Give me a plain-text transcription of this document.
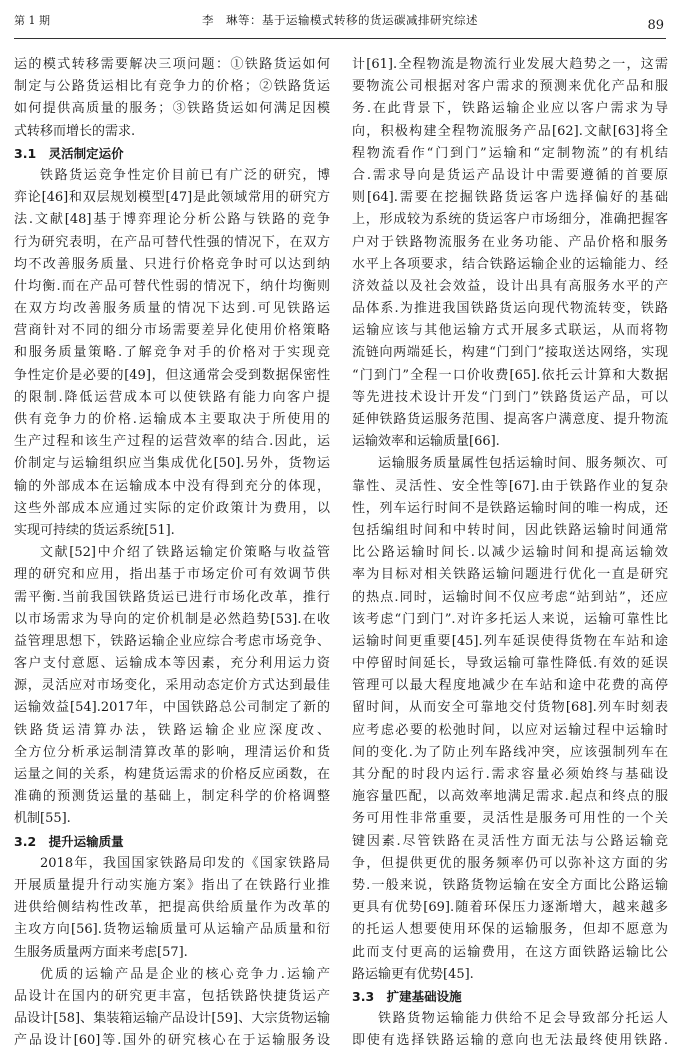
第 1 期	李　琳等：基于运输模式转移的货运碳减排研究综述	89
运的模式转移需要解决三项问题：①铁路货运如何
制定与公路货运相比有竞争力的价格；②铁路货运
如何提供高质量的服务；③铁路货运如何满足因模
式转移而增长的需求.
3.1　灵活制定运价
铁路货运竞争性定价目前已有广泛的研究，博
弈论[46]和双层规划模型[47]是此领域常用的研究方
法.文献[48]基于博弈理论分析公路与铁路的竞争
行为研究表明，在产品可替代性强的情况下，在双方
均不改善服务质量、只进行价格竞争时可以达到纳
什均衡.而在产品可替代性弱的情况下，纳什均衡则
在双方均改善服务质量的情况下达到.可见铁路运
营商针对不同的细分市场需要差异化使用价格策略
和服务质量策略.了解竞争对手的价格对于实现竞
争性定价是必要的[49]，但这通常会受到数据保密性
的限制.降低运营成本可以使铁路有能力向客户提
供有竞争力的价格.运输成本主要取决于所使用的
生产过程和该生产过程的运营效率的结合.因此，运
价制定与运输组织应当集成优化[50].另外，货物运
输的外部成本在运输成本中没有得到充分的体现，
这些外部成本应通过实际的定价政策计为费用，以
实现可持续的货运系统[51].
文献[52]中介绍了铁路运输定价策略与收益管
理的研究和应用，指出基于市场定价可有效调节供
需平衡.当前我国铁路货运已进行市场化改革，推行
以市场需求为导向的定价机制是必然趋势[53].在收
益管理思想下，铁路运输企业应综合考虑市场竞争、
客户支付意愿、运输成本等因素，充分利用运力资
源，灵活应对市场变化，采用动态定价方式达到最佳
运输效益[54].2017年，中国铁路总公司制定了新的
铁路货运清算办法，铁路运输企业应深度改、
全方位分析承运制清算改革的影响，理清运价和货
运量之间的关系，构建货运需求的价格反应函数，在
准确的预测货运量的基础上，制定科学的价格调整
机制[55].
3.2　提升运输质量
2018年，我国国家铁路局印发的《国家铁路局
开展质量提升行动实施方案》指出了在铁路行业推
进供给侧结构性改革，把提高供给质量作为改革的
主攻方向[56].货物运输质量可从运输产品质量和衍
生服务质量两方面来考虑[57].
优质的运输产品是企业的核心竞争力.运输产
品设计在国内的研究更丰富，包括铁路快捷货运产
品设计[58]、集装箱运输产品设计[59]、大宗货物运输
产品设计[60]等.国外的研究核心在于运输服务设
计[61].全程物流是物流行业发展大趋势之一，这需
要物流公司根据对客户需求的预测来优化产品和服
务.在此背景下，铁路运输企业应以客户需求为导
向，积极构建全程物流服务产品[62].文献[63]将全
程物流看作“门到门”运输和“定制物流”的有机结
合.需求导向是货运产品设计中需要遵循的首要原
则[64].需要在挖掘铁路货运客户选择偏好的基础
上，形成较为系统的货运客户市场细分，准确把握客
户对于铁路物流服务在业务功能、产品价格和服务
水平上各项要求，结合铁路运输企业的运输能力、经
济效益以及社会效益，设计出具有高服务水平的产
品体系.为推进我国铁路货运向现代物流转变，铁路
运输应该与其他运输方式开展多式联运，从而将物
流链向两端延长，构建“门到门”接取送达网络，实现
“门到门”全程一口价收费[65].依托云计算和大数据
等先进技术设计开发“门到门”铁路货运产品，可以
延伸铁路货运服务范围、提高客户满意度、提升物流
运输效率和运输质量[66].
运输服务质量属性包括运输时间、服务频次、可
靠性、灵活性、安全性等[67].由于铁路作业的复杂
性，列车运行时间不是铁路运输时间的唯一构成，还
包括编组时间和中转时间，因此铁路运输时间通常
比公路运输时间长.以减少运输时间和提高运输效
率为目标对相关铁路运输问题进行优化一直是研究
的热点.同时，运输时间不仅应考虑“站到站”，还应
该考虑“门到门”.对许多托运人来说，运输可靠性比
运输时间更重要[45].列车延误使得货物在车站和途
中停留时间延长，导致运输可靠性降低.有效的延误
管理可以最大程度地减少在车站和途中花费的高停
留时间，从而安全可靠地交付货物[68].列车时刻表
应考虑必要的松弛时间，以应对运输过程中运输时
间的变化.为了防止列车路线冲突，应该强制列车在
其分配的时段内运行.需求容量必须始终与基础设
施容量匹配，以高效率地满足需求.起点和终点的服
务可用性非常重要，灵活性是服务可用性的一个关
键因素.尽管铁路在灵活性方面无法与公路运输竞
争，但提供更优的服务频率仍可以弥补这方面的劣
势.一般来说，铁路货物运输在安全方面比公路运输
更具有优势[69].随着环保压力逐渐增大，越来越多
的托运人想要使用环保的运输服务，但却不愿意为
此而支付更高的运输费用，在这方面铁路运输比公
路运输更有优势[45].
3.3　扩建基础设施
铁路货物运输能力供给不足会导致部分托运人
即使有选择铁路运输的意向也无法最终使用铁路.
